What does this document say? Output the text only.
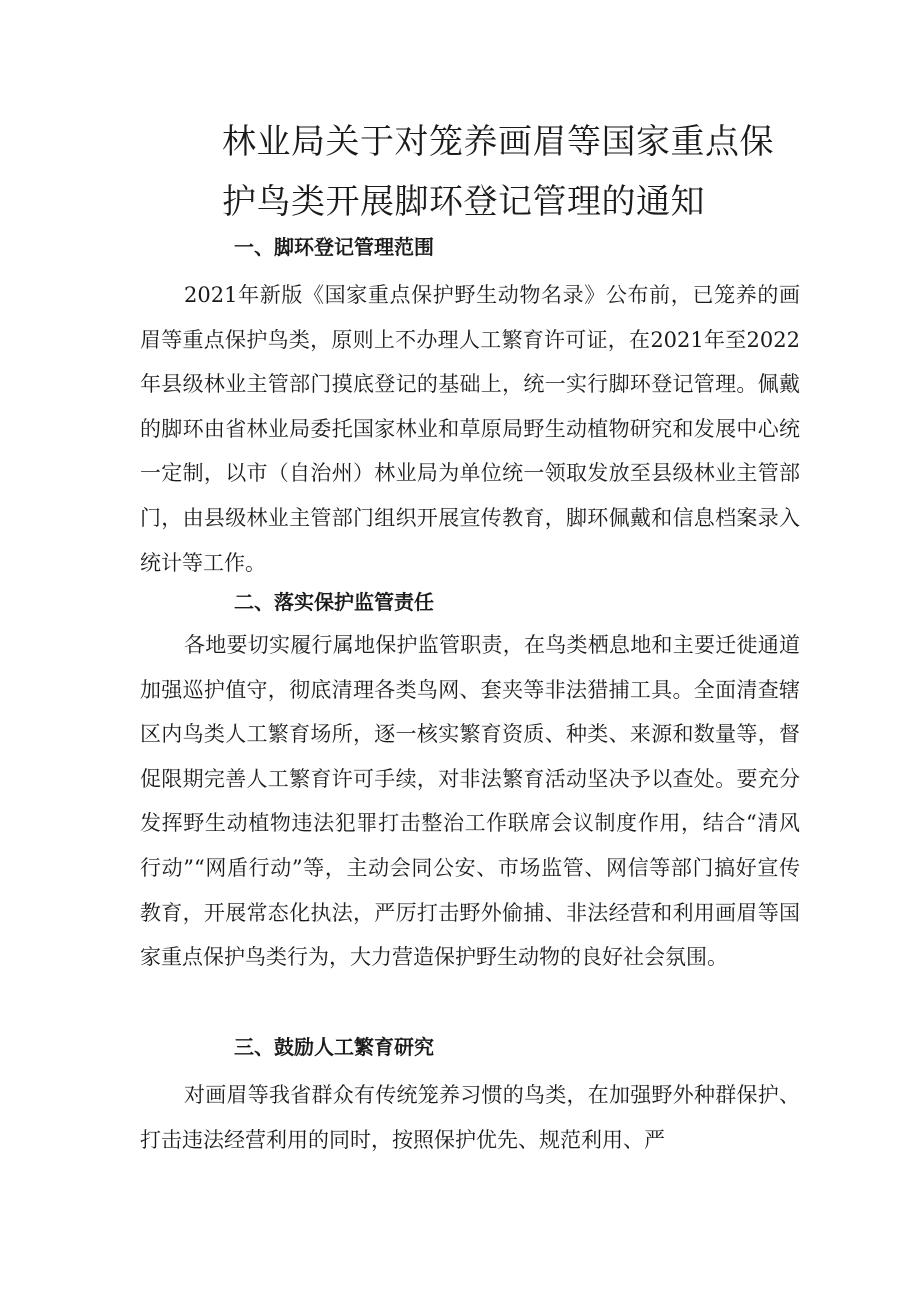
林业局关于对笼养画眉等国家重点保
护鸟类开展脚环登记管理的通知
一、脚环登记管理范围

2021年新版《国家重点保护野生动物名录》公布前，已笼养的画眉等重点保护鸟类，原则上不办理人工繁育许可证，在2021年至2022年县级林业主管部门摸底登记的基础上，统一实行脚环登记管理。佩戴的脚环由省林业局委托国家林业和草原局野生动植物研究和发展中心统一定制，以市（自治州）林业局为单位统一领取发放至县级林业主管部门，由县级林业主管部门组织开展宣传教育，脚环佩戴和信息档案录入统计等工作。

二、落实保护监管责任

各地要切实履行属地保护监管职责，在鸟类栖息地和主要迁徙通道加强巡护值守，彻底清理各类鸟网、套夹等非法猎捕工具。全面清查辖区内鸟类人工繁育场所，逐一核实繁育资质、种类、来源和数量等，督促限期完善人工繁育许可手续，对非法繁育活动坚决予以查处。要充分发挥野生动植物违法犯罪打击整治工作联席会议制度作用，结合“清风行动”“网盾行动”等，主动会同公安、市场监管、网信等部门搞好宣传教育，开展常态化执法，严厉打击野外偷捕、非法经营和利用画眉等国家重点保护鸟类行为，大力营造保护野生动物的良好社会氛围。

三、鼓励人工繁育研究

对画眉等我省群众有传统笼养习惯的鸟类，在加强野外种群保护、打击违法经营利用的同时，按照保护优先、规范利用、严
